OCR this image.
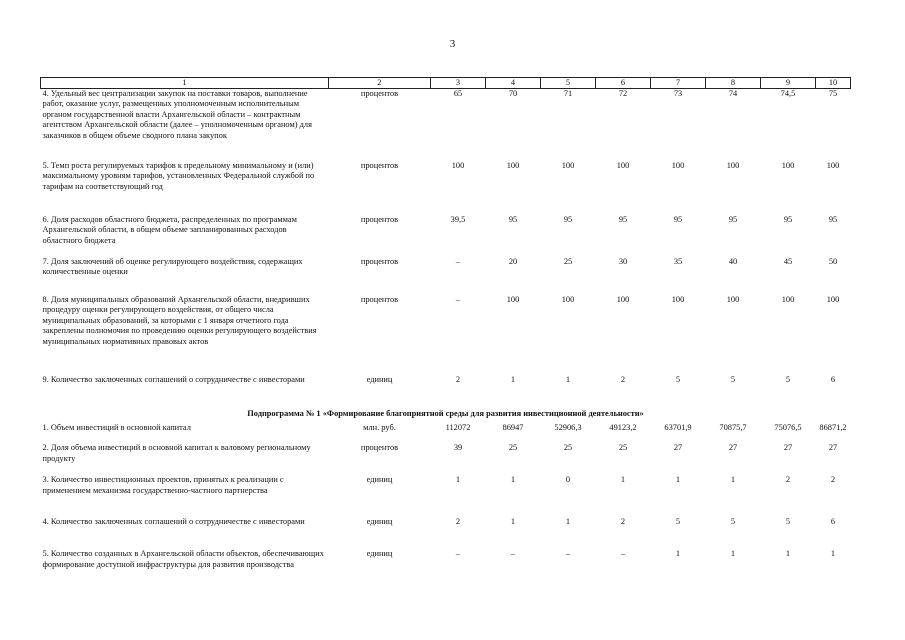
3
1	2	3	4	5	6	7	8	9	10
4. Удельный вес централизации закупок на поставки товаров, выполнение работ, оказание услуг, размещенных уполномоченным исполнительным органом государственной власти Архангельской области – контрактным агентством Архангельской области (далее – уполномоченным органом) для заказчиков в общем объеме сводного плана закупок	процентов	65	70	71	72	73	74	74,5	75
5. Темп роста регулируемых тарифов к предельному минимальному и (или) максимальному уровням тарифов, установленных Федеральной службой по тарифам на соответствующий год	процентов	100	100	100	100	100	100	100	100
6. Доля расходов областного бюджета, распределенных по программам Архангельской области, в общем объеме запланированных расходов областного бюджета	процентов	39,5	95	95	95	95	95	95	95
7. Доля заключений об оценке регулирующего воздействия, содержащих количественные оценки	процентов	–	20	25	30	35	40	45	50
8. Доля муниципальных образований Архангельской области, внедривших процедуру оценки регулирующего воздействия, от общего числа муниципальных образований, за которыми с 1 января отчетного года закреплены полномочия по проведению оценки регулирующего воздействия муниципальных нормативных правовых актов	процентов	–	100	100	100	100	100	100	100
9. Количество заключенных соглашений о сотрудничестве с инвесторами	единиц	2	1	1	2	5	5	5	6
Подпрограмма № 1 «Формирование благоприятной среды для развития инвестиционной деятельности»									
1. Объем инвестиций в основной капитал	млн. руб.	112072	86947	52906,3	49123,2	63701,9	70875,7	75076,5	86871,2
2. Доля объема инвестиций в основной капитал к валовому региональному продукту	процентов	39	25	25	25	27	27	27	27
3. Количество инвестиционных проектов, принятых к реализации с применением механизма государственно-частного партнерства	единиц	1	1	0	1	1	1	2	2
4. Количество заключенных соглашений о сотрудничестве с инвесторами	единиц	2	1	1	2	5	5	5	6
5. Количество созданных в Архангельской области объектов, обеспечивающих формирование доступной инфраструктуры для развития производства	единиц	–	–	–	–	1	1	1	1
